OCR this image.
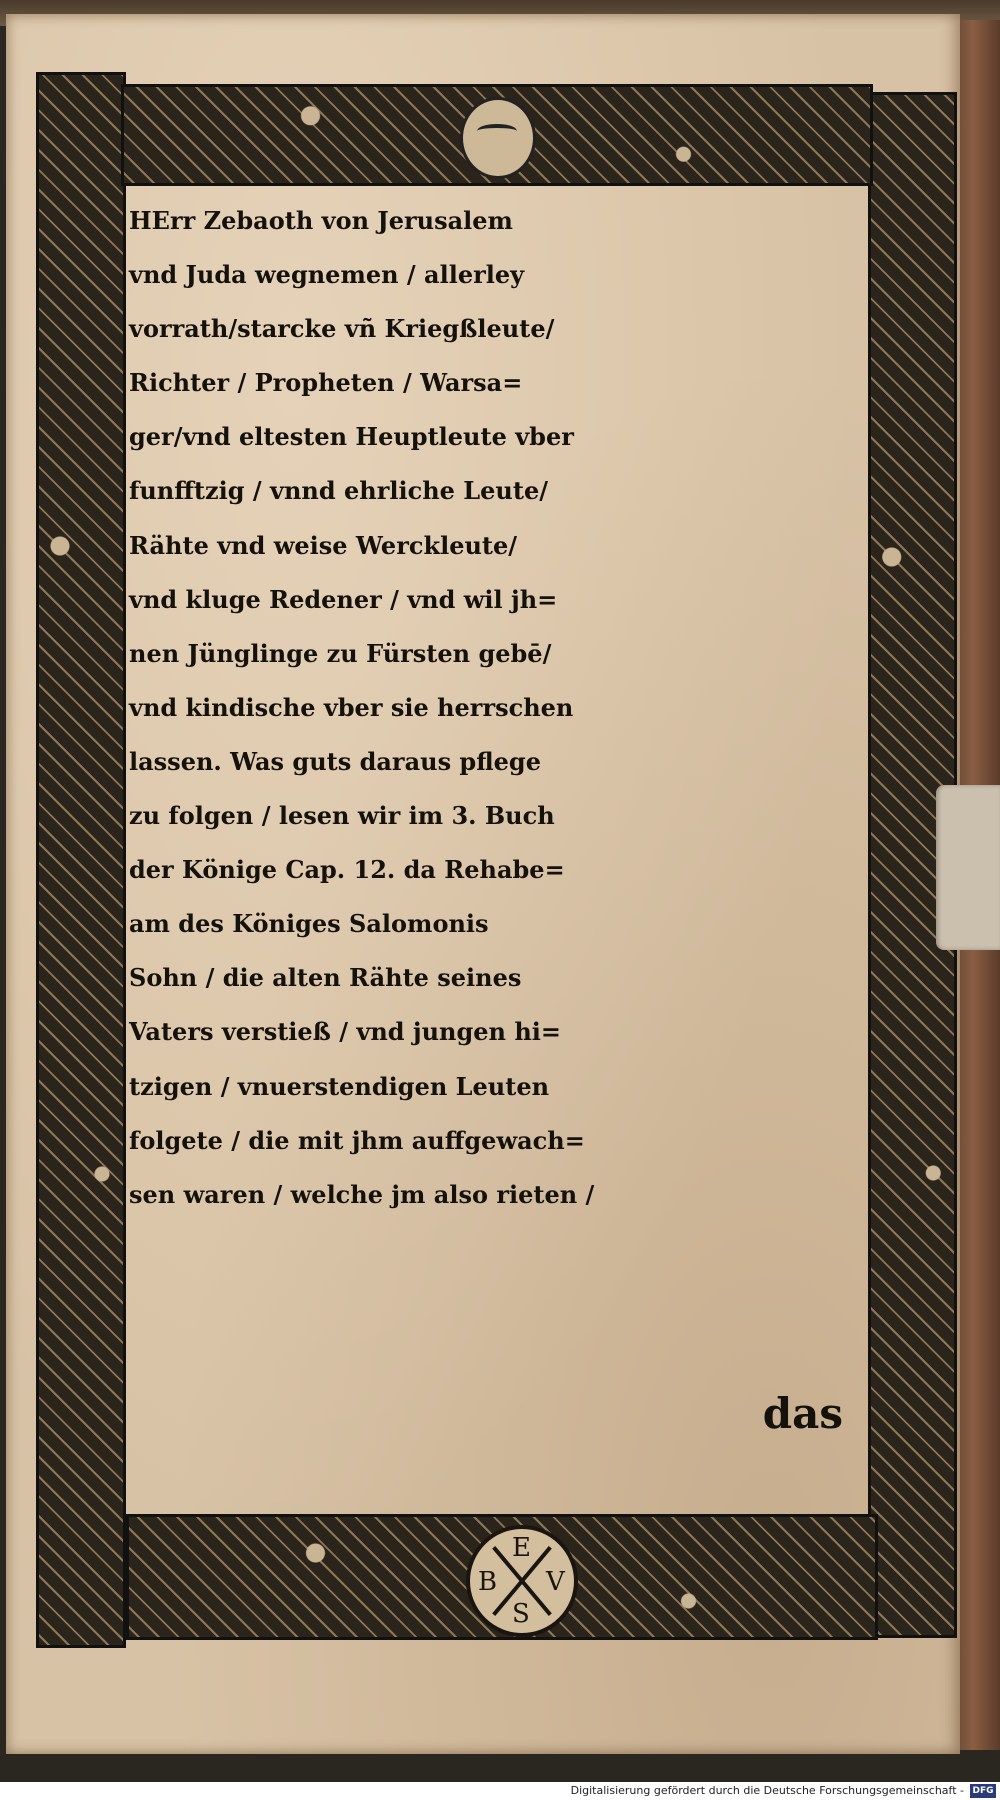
E
B V
S
HErr Zebaoth von Jerusalem
vnd Juda wegnemen / allerley
vorrath/starcke vñ Kriegßleute/
Richter / Propheten / Warsa=
ger/vnd eltesten Heuptleute vber
funfftzig / vnnd ehrliche Leute/
Rähte vnd weise Werckleute/
vnd kluge Redener / vnd wil jh=
nen Jünglinge zu Fürsten gebē/
vnd kindische vber sie herrschen
lassen. Was guts daraus pflege
zu folgen / lesen wir im 3. Buch
der Könige Cap. 12. da Rehabe=
am des Königes Salomonis
Sohn / die alten Rähte seines
Vaters verstieß / vnd jungen hi=
tzigen / vnuerstendigen Leuten
folgete / die mit jhm auffgewach=
sen waren / welche jm also rieten /
das
Digitalisierung gefördert durch die Deutsche Forschungsgemeinschaft - DFG
